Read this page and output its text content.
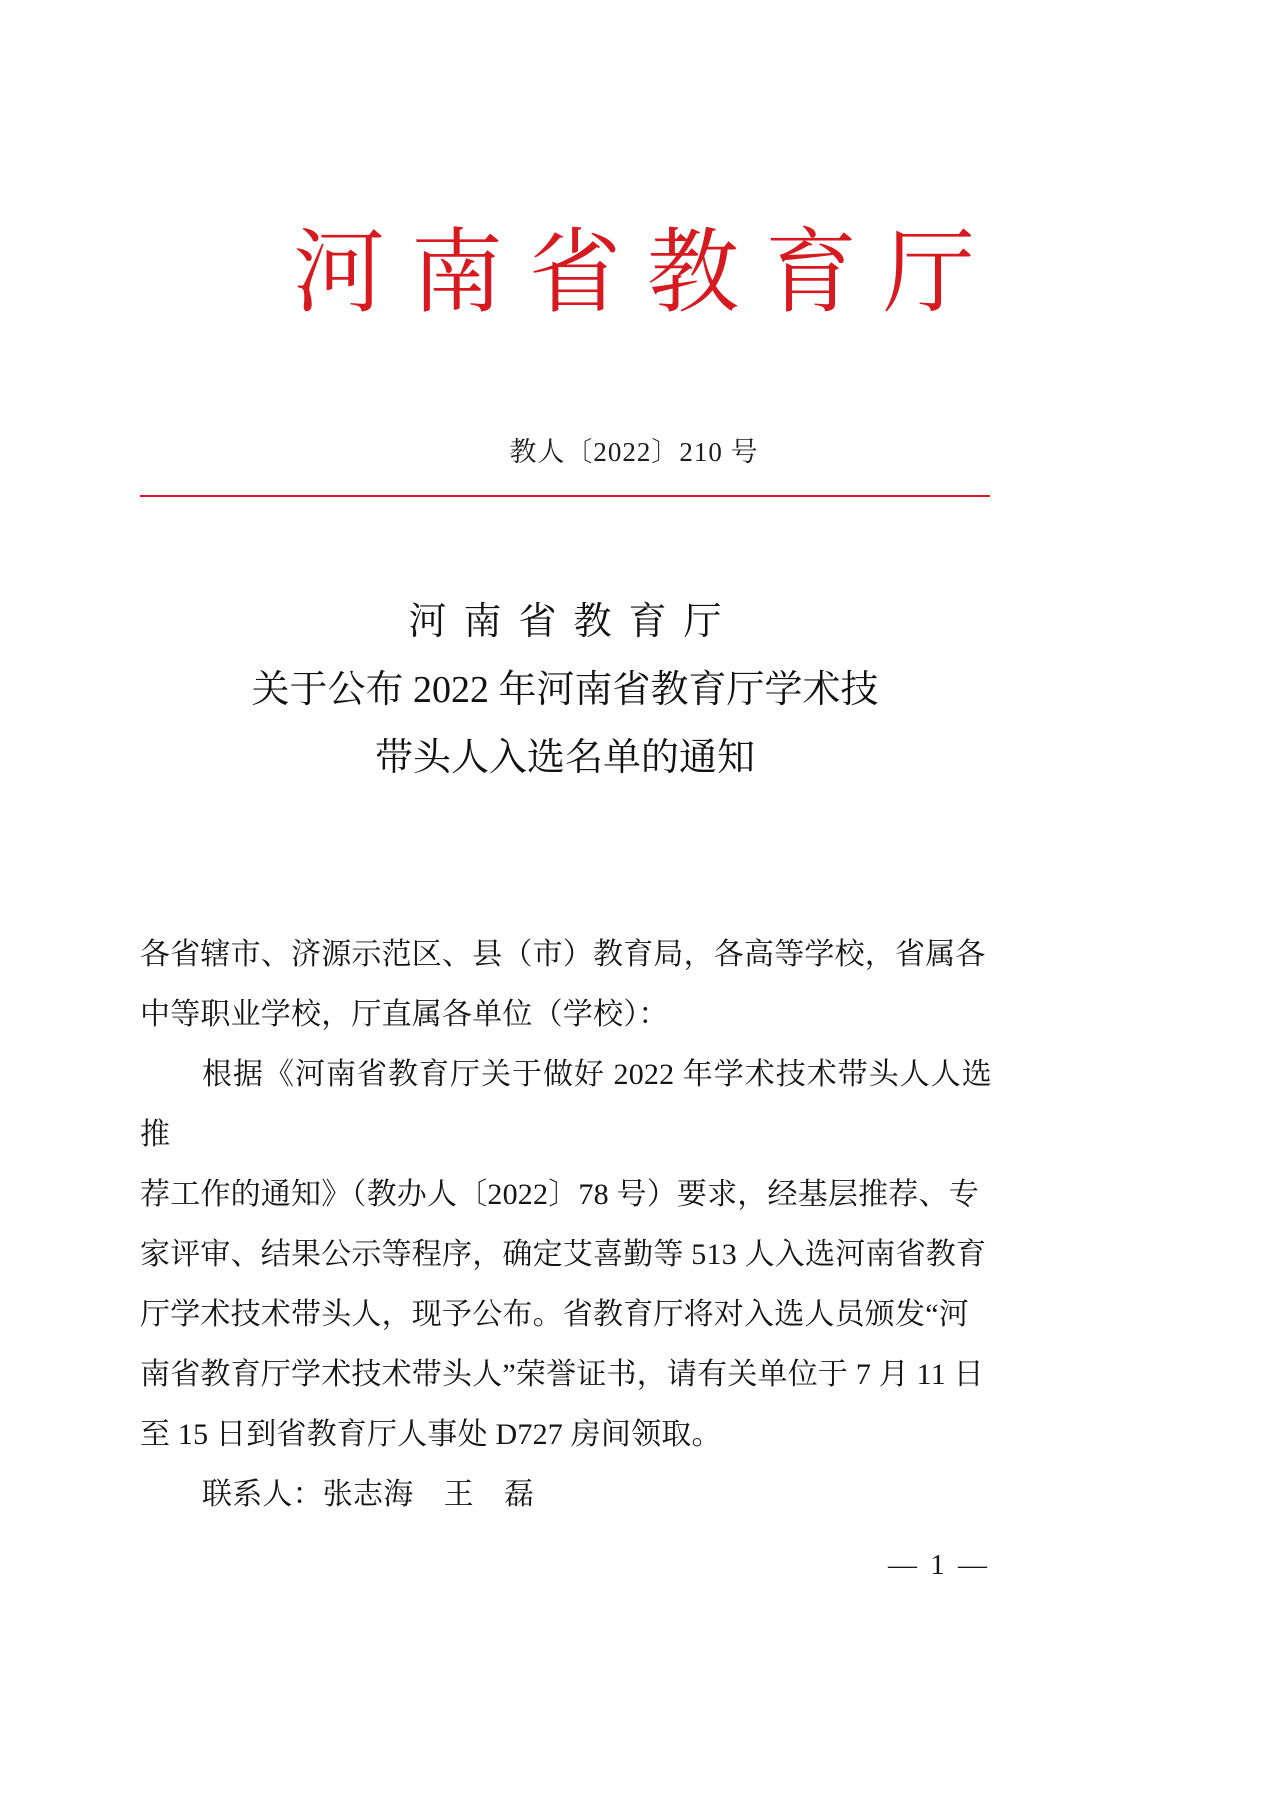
河南省教育厅
教人〔2022〕210 号
河南省教育厅
关于公布 2022 年河南省教育厅学术技
带头人入选名单的通知
各省辖市、济源示范区、县（市）教育局，各高等学校，省属各
中等职业学校，厅直属各单位（学校）：
根据《河南省教育厅关于做好 2022 年学术技术带头人人选推
荐工作的通知》（教办人〔2022〕78 号）要求，经基层推荐、专
家评审、结果公示等程序，确定艾喜勤等 513 人入选河南省教育
厅学术技术带头人，现予公布。省教育厅将对入选人员颁发“河
南省教育厅学术技术带头人”荣誉证书，请有关单位于 7 月 11 日
至 15 日到省教育厅人事处 D727 房间领取。
联系人：张志海　王　磊
— 1 —
